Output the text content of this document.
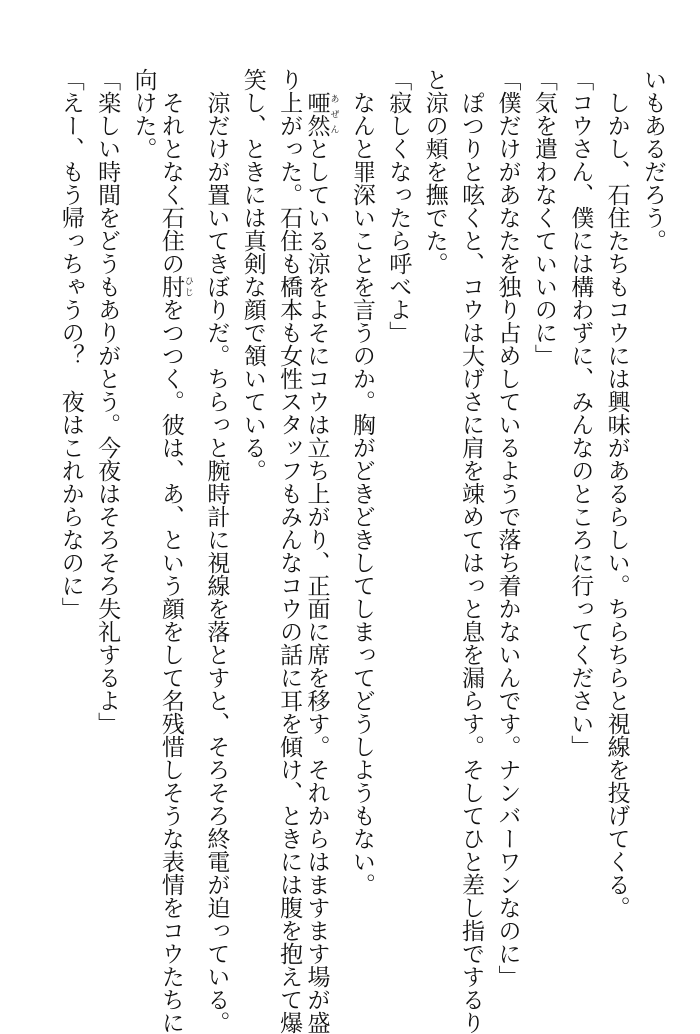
いもあるだろう。
　しかし、石住たちもコウには興味があるらしい。ちらちらと視線を投げてくる。
「コウさん、僕には構わずに、みんなのところに行ってください」
「気を遣わなくていいのに」
「僕だけがあなたを独り占めしているようで落ち着かないんです。ナンバーワンなのに」
　ぽつりと呟くと、コウは大げさに肩を竦めてはっと息を漏らす。そしてひと差し指でするり
と涼の頬を撫でた。
「寂しくなったら呼べよ」
　なんと罪深いことを言うのか。胸がどきどきしてしまってどうしようもない。
　唖然 あぜんとしている涼をよそにコウは立ち上がり、正面に席を移す。それからはますます場が盛
り上がった。石住も橋本も女性スタッフもみんなコウの話に耳を傾け、ときには腹を抱えて爆
笑し、ときには真剣な顔で頷いている。
　涼だけが置いてきぼりだ。ちらっと腕時計に視線を落とすと、そろそろ終電が迫っている。
　それとなく石住の肘 ひじをつつく。彼は、あ、という顔をして名残惜しそうな表情をコウたちに
向けた。
「楽しい時間をどうもありがとう。今夜はそろそろ失礼するよ」
「えー、もう帰っちゃうの？　夜はこれからなのに」
